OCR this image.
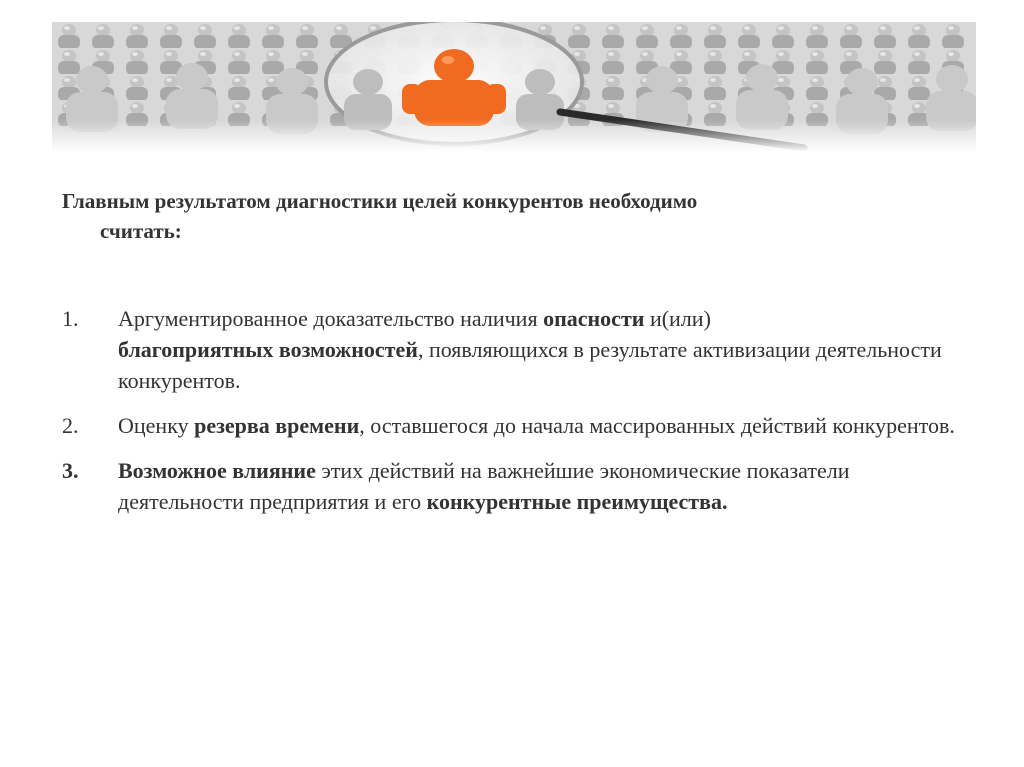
Главным результатом диагностики целей конкурентов необходимо
считать:
1. Аргументированное доказательство наличия опасности и(или)
благоприятных возможностей, появляющихся в результате активизации деятельности конкурентов.
2. Оценку резерва времени, оставшегося до начала массированных действий конкурентов.
3. Возможное влияние этих действий на важнейшие экономические показатели деятельности предприятия и его конкурентные преимущества.
